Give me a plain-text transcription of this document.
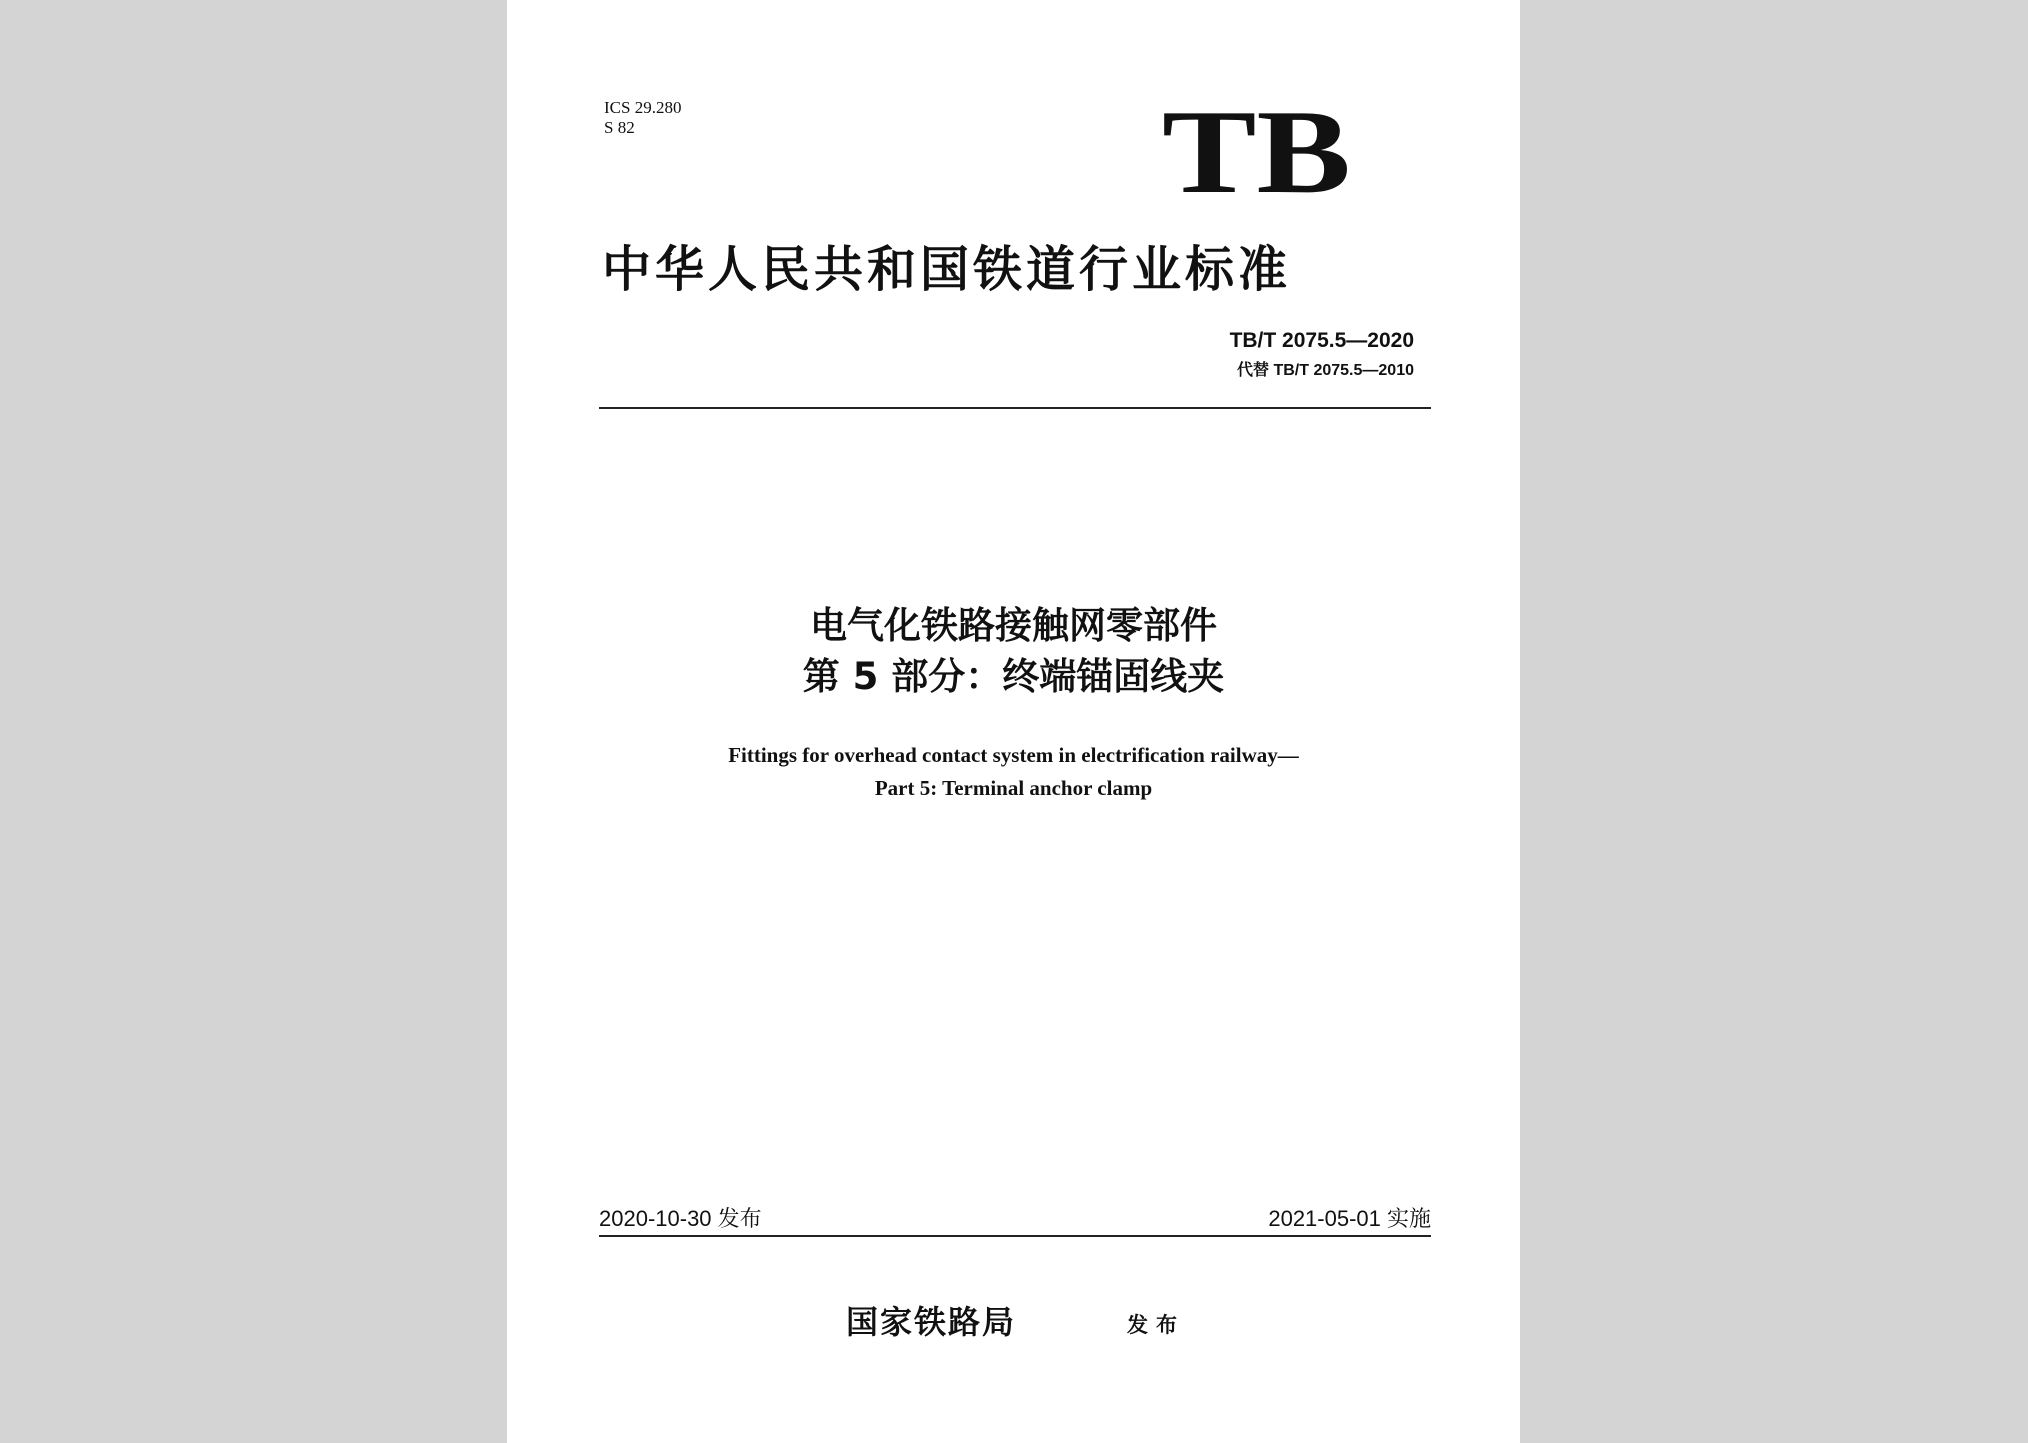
ICS 29.280
S 82	TB
中华人民共和国铁道行业标准
TB/T 2075.5—2020
代替 TB/T 2075.5—2010
电气化铁路接触网零部件
第 5 部分：终端锚固线夹
Fittings for overhead contact system in electrification railway—
Part 5: Terminal anchor clamp
2020-10-30 发布	2021-05-01 实施
国家铁路局	发布
